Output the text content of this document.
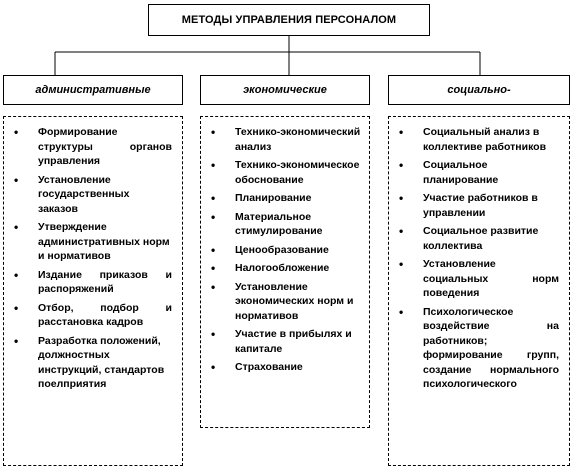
МЕТОДЫ УПРАВЛЕНИЯ ПЕРСОНАЛОМ
административные	экономические	социально-
• Формирование структуры органов управления
• Установление государственных заказов
• Утверждение административных норм и нормативов
• Издание приказов и распоряжений
• Отбор, подбор и расстановка кадров
• Разработка положений, должностных инструкций, стандартов поелприятия
• Технико-экономический анализ
• Технико-экономическое обоснование
• Планирование
• Материальное стимулирование
• Ценообразование
• Налогообложение
• Установление экономических норм и нормативов
• Участие в прибылях и капитале
• Страхование
• Социальный анализ в коллективе работников
• Социальное планирование
• Участие работников в управлении
• Социальное развитие коллектива
• Установление социальных норм поведения
• Психологическое воздействие на работников; формирование групп, создание нормального психологического
